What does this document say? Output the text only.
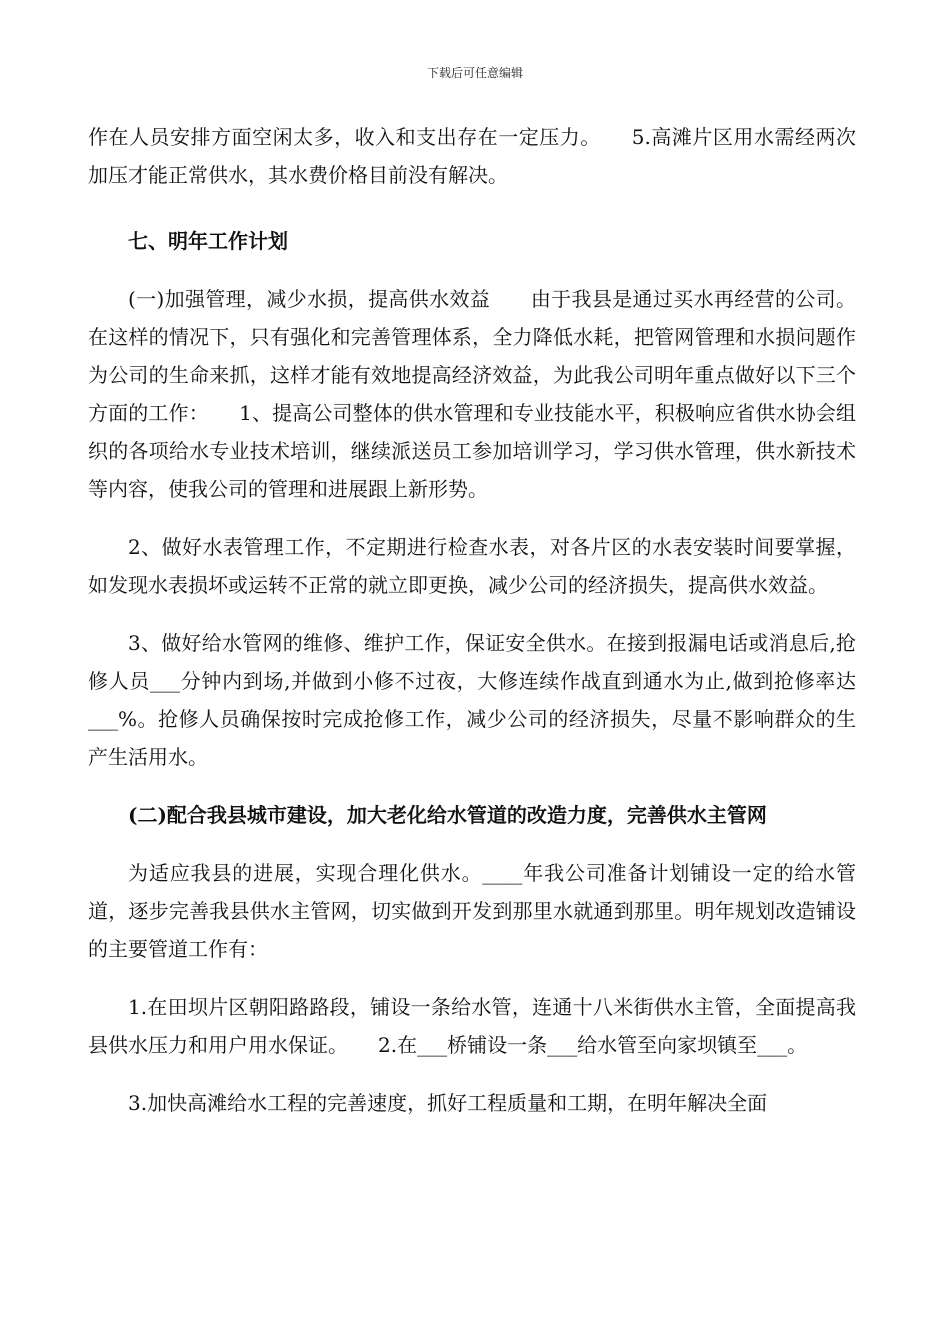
下载后可任意编辑

作在人员安排方面空闲太多，收入和支出存在一定压力。　　5.高滩片区用水需经两次加压才能正常供水，其水费价格目前没有解决。

七、明年工作计划

(一)加强管理，减少水损，提高供水效益　　由于我县是通过买水再经营的公司。在这样的情况下，只有强化和完善管理体系，全力降低水耗，把管网管理和水损问题作为公司的生命来抓，这样才能有效地提高经济效益，为此我公司明年重点做好以下三个方面的工作：　　1、提高公司整体的供水管理和专业技能水平，积极响应省供水协会组织的各项给水专业技术培训，继续派送员工参加培训学习，学习供水管理，供水新技术等内容，使我公司的管理和进展跟上新形势。

2、做好水表管理工作，不定期进行检查水表，对各片区的水表安装时间要掌握，如发现水表损坏或运转不正常的就立即更换，减少公司的经济损失，提高供水效益。

3、做好给水管网的维修、维护工作，保证安全供水。在接到报漏电话或消息后,抢修人员___分钟内到场,并做到小修不过夜，大修连续作战直到通水为止,做到抢修率达___%。抢修人员确保按时完成抢修工作，减少公司的经济损失，尽量不影响群众的生产生活用水。

(二)配合我县城市建设，加大老化给水管道的改造力度，完善供水主管网

为适应我县的进展，实现合理化供水。____年我公司准备计划铺设一定的给水管道，逐步完善我县供水主管网，切实做到开发到那里水就通到那里。明年规划改造铺设的主要管道工作有：

1.在田坝片区朝阳路路段，铺设一条给水管，连通十八米街供水主管，全面提高我县供水压力和用户用水保证。　　2.在___桥铺设一条___给水管至向家坝镇至___。

3.加快高滩给水工程的完善速度，抓好工程质量和工期，在明年解决全面
